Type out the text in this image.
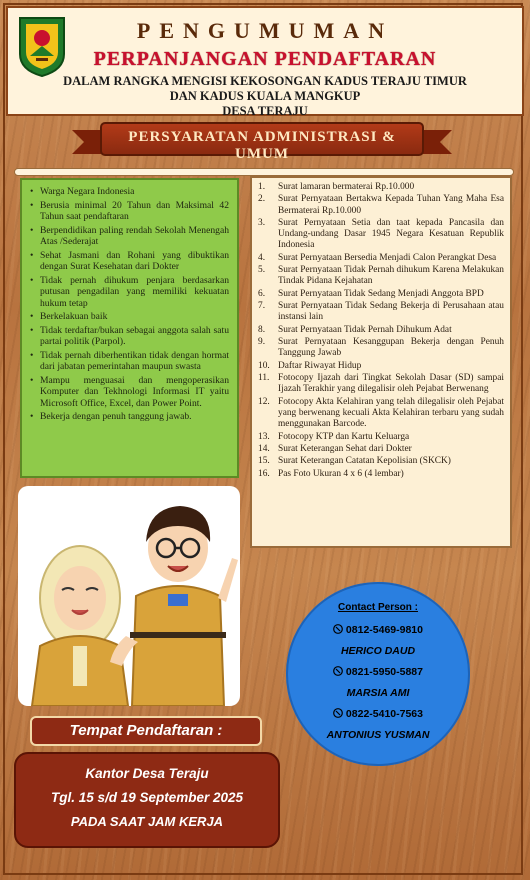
PENGUMUMAN
PERPANJANGAN PENDAFTARAN
DALAM RANGKA MENGISI KEKOSONGAN KADUS TERAJU TIMUR
DAN KADUS KUALA MANGKUP
DESA TERAJU
PERSYARATAN ADMINISTRASI & UMUM
• Warga Negara Indonesia
• Berusia minimal 20 Tahun dan Maksimal 42 Tahun saat pendaftaran
• Berpendidikan paling rendah Sekolah Menengah Atas /Sederajat
• Sehat Jasmani dan Rohani yang dibuktikan dengan Surat Kesehatan dari Dokter
• Tidak pernah dihukum penjara berdasarkan putusan pengadilan yang memiliki kekuatan hukum tetap
• Berkelakuan baik
• Tidak terdaftar/bukan sebagai anggota salah satu partai politik (Parpol).
• Tidak pernah diberhentikan tidak dengan hormat dari jabatan pemerintahan maupun swasta
• Mampu menguasai dan mengoperasikan Komputer dan Tekhnologi Informasi IT yaitu Microsoft Office, Excel, dan Power Point.
• Bekerja dengan penuh tanggung jawab.
1.	Surat lamaran bermaterai Rp.10.000
2.	Surat Pernyataan Bertakwa Kepada Tuhan Yang Maha Esa Bermaterai Rp.10.000
3.	Surat Pernyataan Setia dan taat kepada Pancasila dan Undang-undang Dasar 1945 Negara Kesatuan Republik Indonesia
4.	Surat Pernyataan Bersedia Menjadi Calon Perangkat Desa
5.	Surat Pernyataan Tidak Pernah dihukum Karena Melakukan Tindak Pidana Kejahatan
6.	Surat Pernyataan Tidak Sedang Menjadi Anggota BPD
7.	Surat Pernyataan Tidak Sedang Bekerja di Perusahaan atau instansi lain
8.	Surat Pernyataan Tidak Pernah Dihukum Adat
9.	Surat Pernyataan Kesanggupan Bekerja dengan Penuh Tanggung Jawab
10. Daftar Riwayat Hidup
11. Fotocopy Ijazah dari Tingkat Sekolah Dasar (SD) sampai Ijazah Terakhir yang dilegalisir oleh Pejabat Berwenang
12. Fotocopy Akta Kelahiran yang telah dilegalisir oleh Pejabat yang berwenang kecuali Akta Kelahiran terbaru yang sudah menggunakan Barcode.
13. Fotocopy KTP dan Kartu Keluarga
14. Surat Keterangan Sehat dari Dokter
15. Surat Keterangan Catatan Kepolisian (SKCK)
16. Pas Foto Ukuran 4 x 6 (4 lembar)
Contact Person :
0812-5469-9810
HERICO DAUD
0821-5950-5887
MARSIA AMI
0822-5410-7563
ANTONIUS YUSMAN
Tempat Pendaftaran :
Kantor Desa Teraju
Tgl. 15 s/d 19 September 2025
PADA SAAT JAM KERJA
